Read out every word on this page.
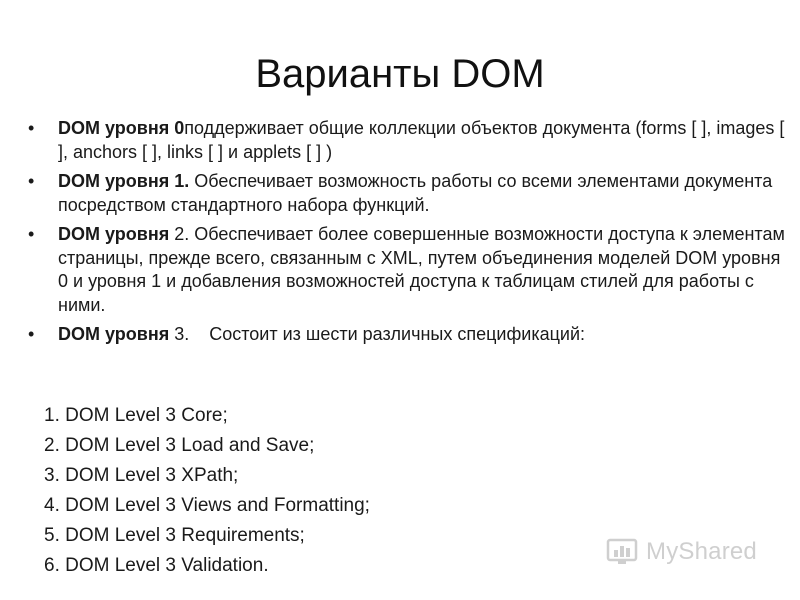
Варианты DOM
• DOM уровня 0поддерживает общие коллекции объектов документа (forms [ ], images [ ], anchors [ ], links [ ] и applets [ ] )
• DOM уровня 1. Обеспечивает возможность работы со всеми элементами документа посредством стандартного набора функций.
• DOM уровня 2. Обеспечивает более совершенные возможности доступа к элементам страницы, прежде всего, связанным с XML, путем объединения моделей DOM уровня 0 и уровня 1 и добавления возможностей доступа к таблицам стилей для работы с ними.
• DOM уровня 3.    Состоит из шести различных спецификаций:
1. DOM Level 3 Core;
2. DOM Level 3 Load and Save;
3. DOM Level 3 XPath;
4. DOM Level 3 Views and Formatting;
5. DOM Level 3 Requirements;
6. DOM Level 3 Validation.
MyShared
